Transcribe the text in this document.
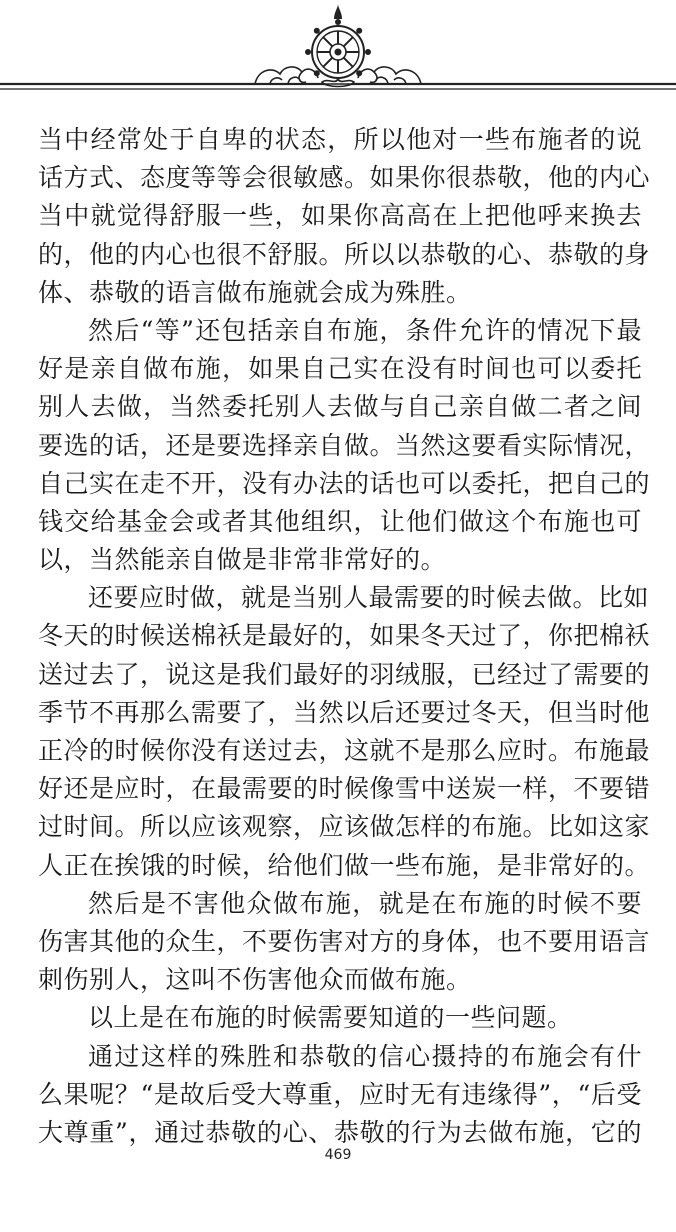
当中经常处于自卑的状态，所以他对一些布施者的说
话方式、态度等等会很敏感。如果你很恭敬，他的内心
当中就觉得舒服一些，如果你高高在上把他呼来换去
的，他的内心也很不舒服。所以以恭敬的心、恭敬的身
体、恭敬的语言做布施就会成为殊胜。
然后“等”还包括亲自布施，条件允许的情况下最
好是亲自做布施，如果自己实在没有时间也可以委托
别人去做，当然委托别人去做与自己亲自做二者之间
要选的话，还是要选择亲自做。当然这要看实际情况，
自己实在走不开，没有办法的话也可以委托，把自己的
钱交给基金会或者其他组织，让他们做这个布施也可
以，当然能亲自做是非常非常好的。
还要应时做，就是当别人最需要的时候去做。比如
冬天的时候送棉袄是最好的，如果冬天过了，你把棉袄
送过去了，说这是我们最好的羽绒服，已经过了需要的
季节不再那么需要了，当然以后还要过冬天，但当时他
正冷的时候你没有送过去，这就不是那么应时。布施最
好还是应时，在最需要的时候像雪中送炭一样，不要错
过时间。所以应该观察，应该做怎样的布施。比如这家
人正在挨饿的时候，给他们做一些布施，是非常好的。
然后是不害他众做布施，就是在布施的时候不要
伤害其他的众生，不要伤害对方的身体，也不要用语言
刺伤别人，这叫不伤害他众而做布施。
以上是在布施的时候需要知道的一些问题。
通过这样的殊胜和恭敬的信心摄持的布施会有什
么果呢？“是故后受大尊重，应时无有违缘得”，“后受
大尊重”，通过恭敬的心、恭敬的行为去做布施，它的
469
